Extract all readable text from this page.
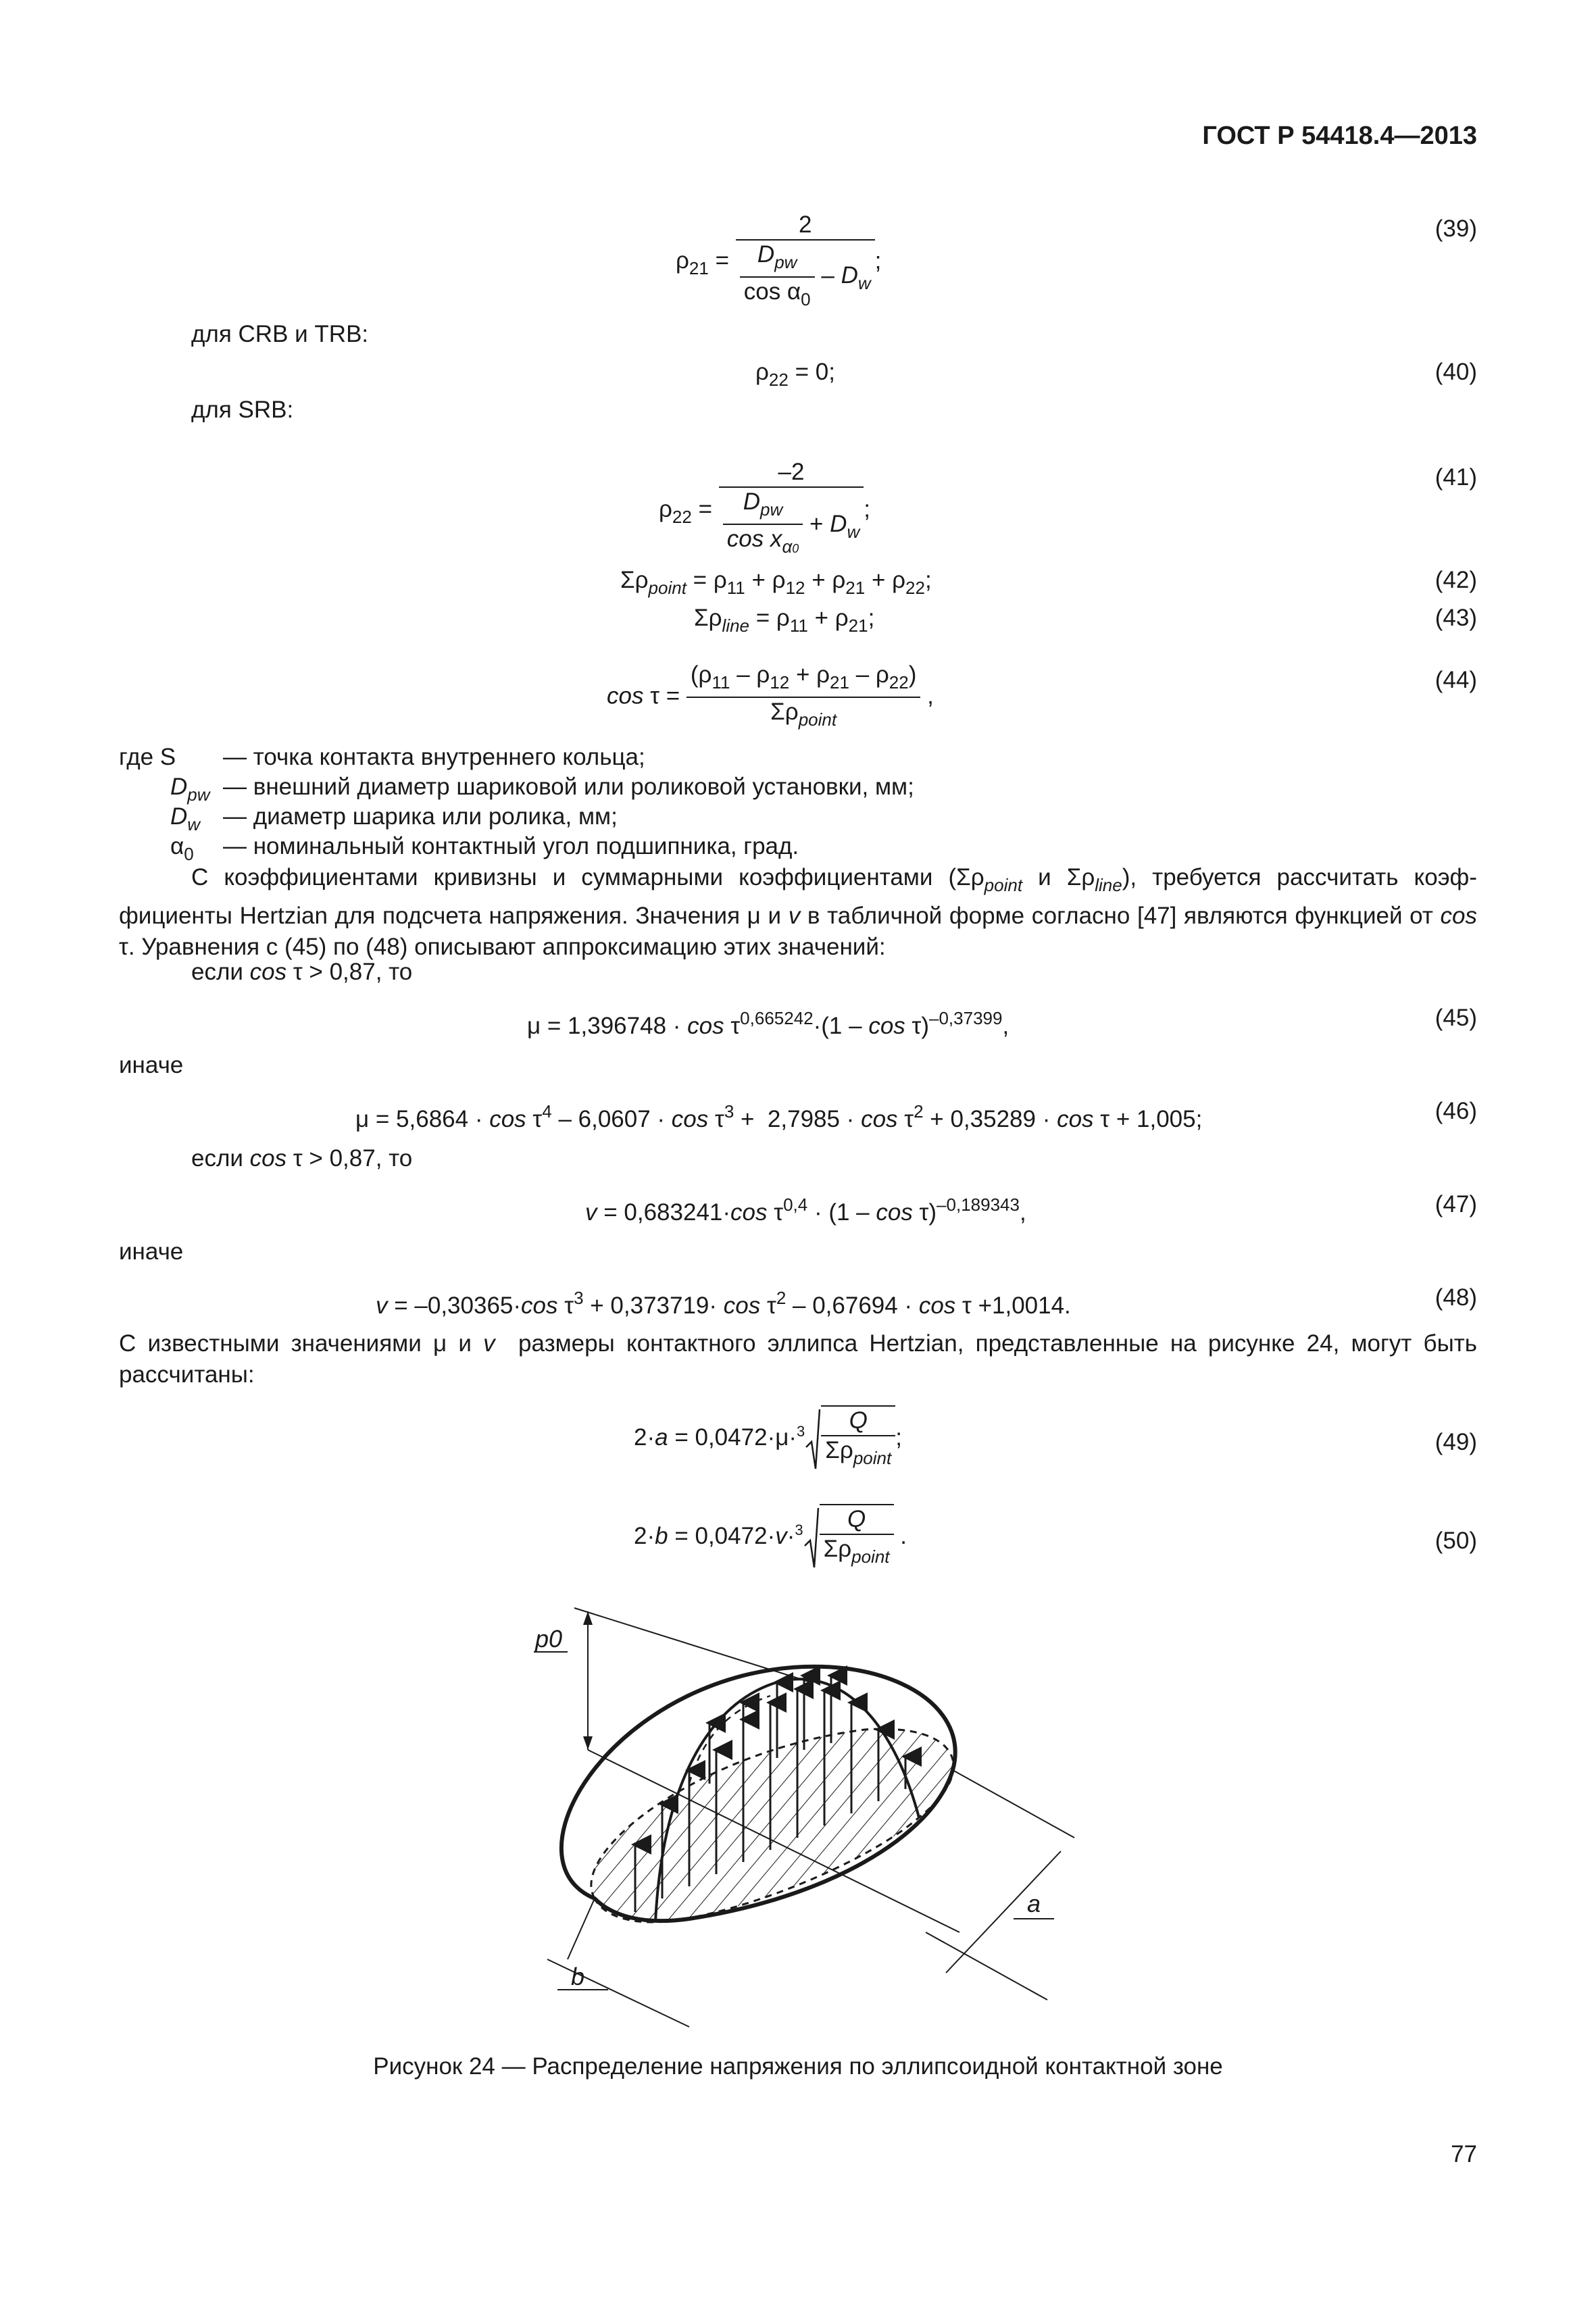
ГОСТ Р 54418.4—2013
$\rho_{21} = \frac{2}{\frac{D_{pw}}{\cos \alpha_0} - D_w}$ ;
(39)
для CRB и TRB:
$\rho_{22} = 0$;	(40)
для SRB:
$\rho_{22} = \frac{-2}{\frac{D_{pw}}{\cos x_{\alpha 0}} + D_w}$ ;
(41)
$\Sigma\rho_{point} = \rho_{11} + \rho_{12} + \rho_{21} + \rho_{22}$;	(42)
$\Sigma\rho_{line} = \rho_{11} + \rho_{21}$;	(43)
$\cos \tau = \frac{(\rho_{11} - \rho_{12} + \rho_{21} - \rho_{22})}{\Sigma\rho_{point}}$ ,
(44)
где S — точка контакта внутреннего кольца;
$D_{pw}$ — внешний диаметр шариковой или роликовой установки, мм;
$D_w$ — диаметр шарика или ролика, мм;
$\alpha_0$ — номинальный контактный угол подшипника, град.
С коэффициентами кривизны и суммарными коэффициентами ($\Sigma\rho_{point}$ и $\Sigma\rho_{line}$), требуется рассчитать коэф-фициенты Hertzian для подсчета напряжения. Значения μ и v в табличной форме согласно [47] являются функцией от cos τ. Уравнения с (45) по (48) описывают аппроксимацию этих значений:
если cos τ > 0,87, то
$\mu = 1,396748 \cdot \cos \tau^{0,665242}\cdot(1 - \cos \tau)^{-0,37399}$,	(45)
иначе
$\mu = 5,6864 \cdot \cos \tau^4 - 6,0607 \cdot \cos \tau^3 + 2,7985 \cdot \cos \tau^2 + 0,35289 \cdot \cos \tau + 1,005$;	(46)
если cos τ > 0,87, то
v = 0,683241·cos $\tau^{0,4} \cdot (1 - \cos \tau)^{-0,189343}$,	(47)
иначе
v = –0,30365·cos $\tau^3 + 0,373719\cdot \cos \tau^2 - 0,67694 \cdot \cos \tau +1,0014$.	(48)
С известными значениями μ и v  размеры контактного эллипса Hertzian, представленные на рисунке 24, могут быть рассчитаны:
$2\cdot a = 0,0472\cdot\mu\cdot^3 \frac{Q}{\Sigma\rho_{point}}$ ;	(49)
$2\cdot b = 0,0472\cdot v\cdot^3 \frac{Q}{\Sigma\rho_{point}}$ .	(50)
p0
a
b
Рисунок 24 — Распределение напряжения по эллипсоидной контактной зоне
77
